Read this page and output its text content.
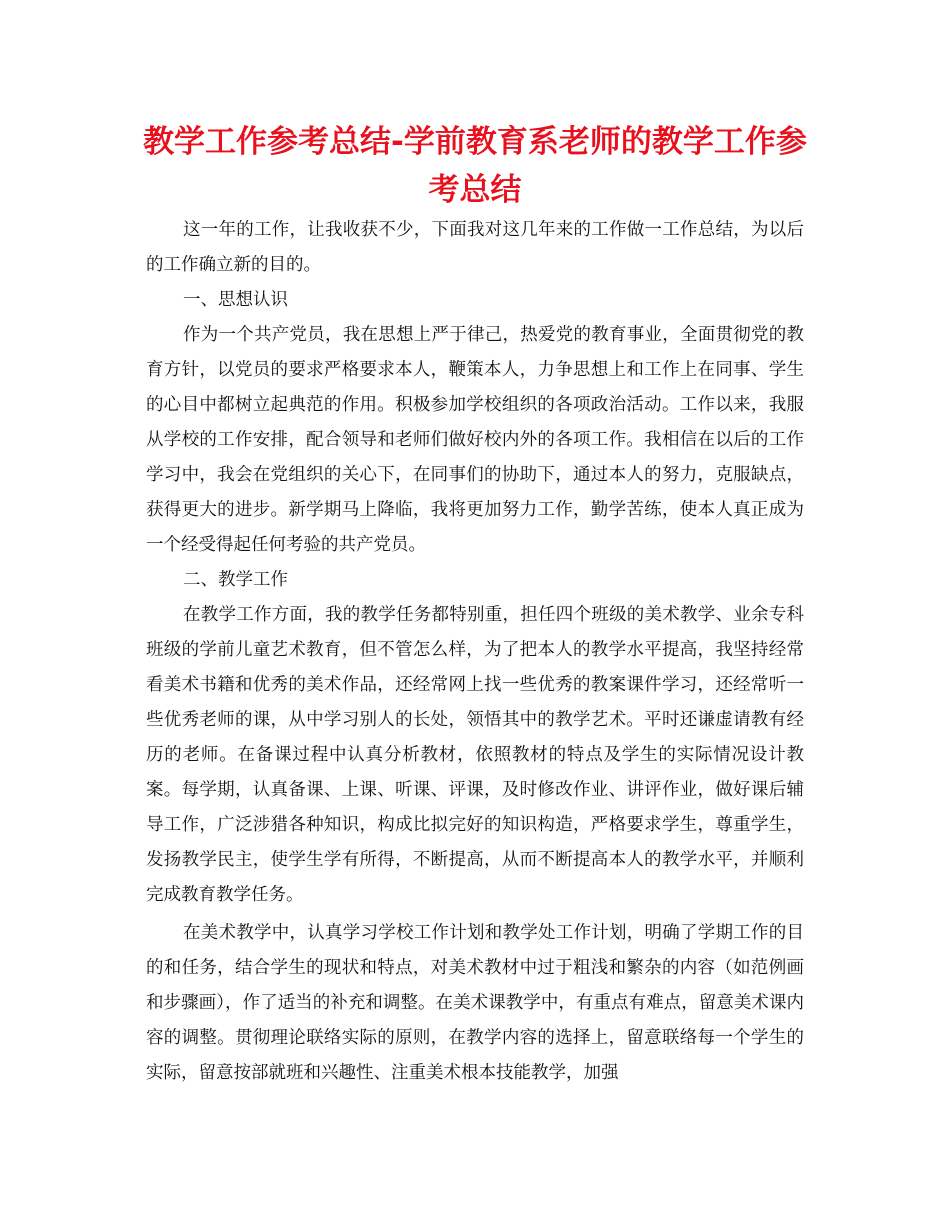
教学工作参考总结-学前教育系老师的教学工作参考总结

这一年的工作，让我收获不少，下面我对这几年来的工作做一工作总结，为以后的工作确立新的目的。

一、思想认识

作为一个共产党员，我在思想上严于律己，热爱党的教育事业，全面贯彻党的教育方针，以党员的要求严格要求本人，鞭策本人，力争思想上和工作上在同事、学生的心目中都树立起典范的作用。积极参加学校组织的各项政治活动。工作以来，我服从学校的工作安排，配合领导和老师们做好校内外的各项工作。我相信在以后的工作学习中，我会在党组织的关心下，在同事们的协助下，通过本人的努力，克服缺点，获得更大的进步。新学期马上降临，我将更加努力工作，勤学苦练，使本人真正成为一个经受得起任何考验的共产党员。

二、教学工作

在教学工作方面，我的教学任务都特别重，担任四个班级的美术教学、业余专科班级的学前儿童艺术教育，但不管怎么样，为了把本人的教学水平提高，我坚持经常看美术书籍和优秀的美术作品，还经常网上找一些优秀的教案课件学习，还经常听一些优秀老师的课，从中学习别人的长处，领悟其中的教学艺术。平时还谦虚请教有经历的老师。在备课过程中认真分析教材，依照教材的特点及学生的实际情况设计教案。每学期，认真备课、上课、听课、评课，及时修改作业、讲评作业，做好课后辅导工作，广泛涉猎各种知识，构成比拟完好的知识构造，严格要求学生，尊重学生，发扬教学民主，使学生学有所得，不断提高，从而不断提高本人的教学水平，并顺利完成教育教学任务。

在美术教学中，认真学习学校工作计划和教学处工作计划，明确了学期工作的目的和任务，结合学生的现状和特点，对美术教材中过于粗浅和繁杂的内容（如范例画和步骤画），作了适当的补充和调整。在美术课教学中，有重点有难点，留意美术课内容的调整。贯彻理论联络实际的原则，在教学内容的选择上，留意联络每一个学生的实际，留意按部就班和兴趣性、注重美术根本技能教学，加强
